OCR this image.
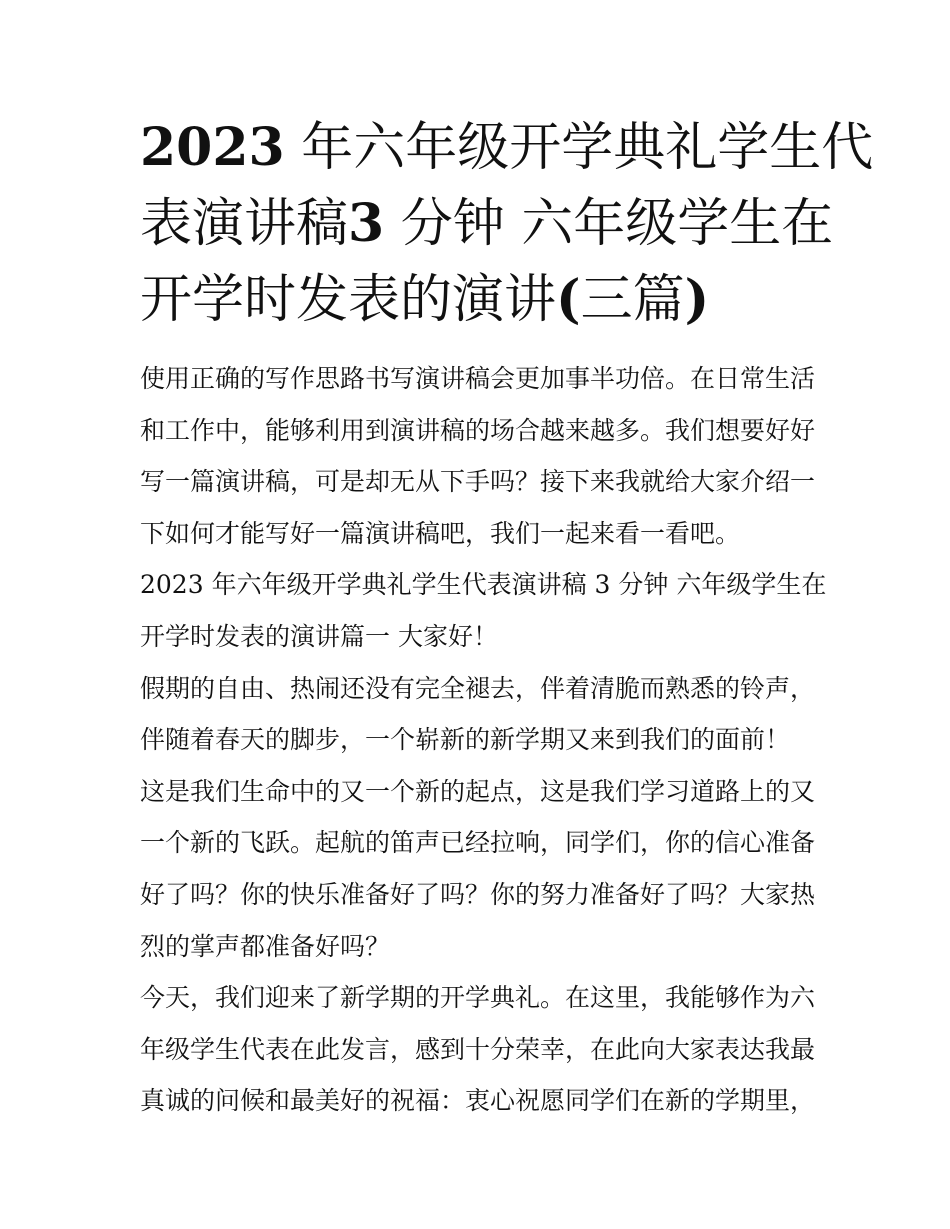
2023 年六年级开学典礼学生代
表演讲稿3 分钟 六年级学生在
开学时发表的演讲(三篇)
使用正确的写作思路书写演讲稿会更加事半功倍。在日常生活
和工作中，能够利用到演讲稿的场合越来越多。我们想要好好
写一篇演讲稿，可是却无从下手吗？接下来我就给大家介绍一
下如何才能写好一篇演讲稿吧，我们一起来看一看吧。
2023 年六年级开学典礼学生代表演讲稿 3 分钟 六年级学生在
开学时发表的演讲篇一 大家好！
假期的自由、热闹还没有完全褪去，伴着清脆而熟悉的铃声，
伴随着春天的脚步，一个崭新的新学期又来到我们的面前！
这是我们生命中的又一个新的起点，这是我们学习道路上的又
一个新的飞跃。起航的笛声已经拉响，同学们，你的信心准备
好了吗？你的快乐准备好了吗？你的努力准备好了吗？大家热
烈的掌声都准备好吗？
今天，我们迎来了新学期的开学典礼。在这里，我能够作为六
年级学生代表在此发言，感到十分荣幸，在此向大家表达我最
真诚的问候和最美好的祝福：衷心祝愿同学们在新的学期里，
